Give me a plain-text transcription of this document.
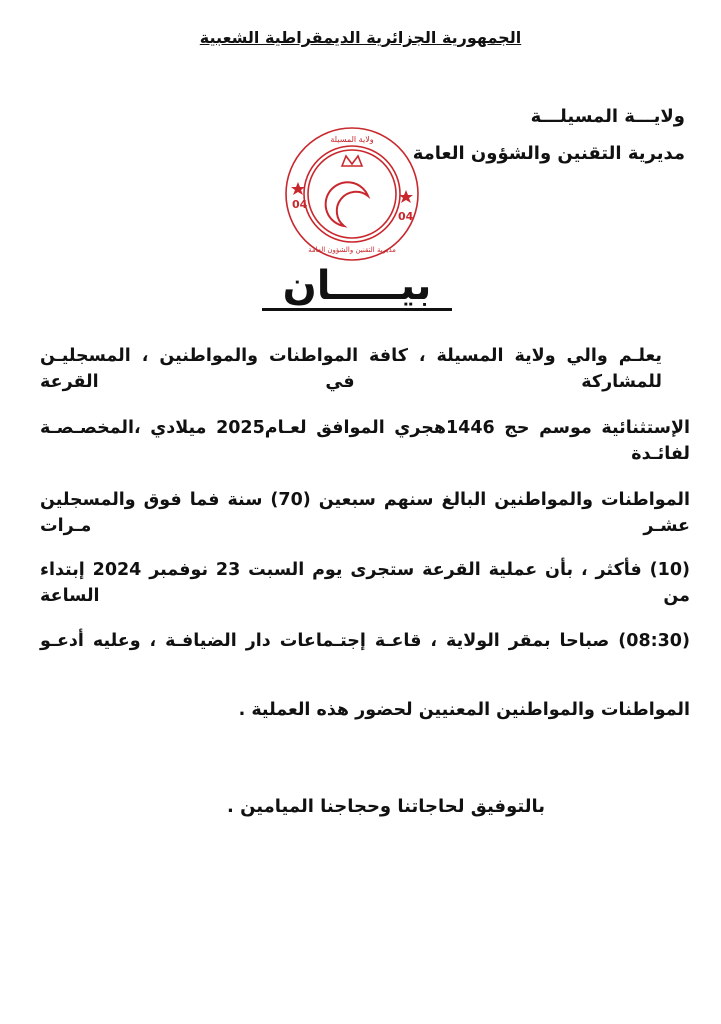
الجمهورية الجزائرية الديمقراطية الشعبية
ولايـــة المسيلـــة
مديرية التقنين والشؤون العامة
04
04
ولاية المسيلة
مديرية التقنين والشؤون العامة
بيـــــان
يعلـم والي ولاية المسيلة ، كافة المواطنات والمواطنين ، المسجليـن للمشاركة في القرعة
الإستثنائية موسم حج 1446هجري الموافق لعـام2025 ميلادي ،المخصـصـة لفائـدة
المواطنات والمواطنين البالغ سنهم سبعين (70) سنة فما فوق والمسجلين عشـر مـرات
(10) فأكثر ، بأن عملية القرعة ستجرى يوم السبت 23 نوفمبر 2024 إبتداء من الساعة
(08:30) صباحا بمقر الولاية ، قاعـة إجتـماعات دار الضيافـة ، وعليه أدعـو
المواطنات والمواطنين المعنيين لحضور هذه العملية .
بالتوفيق لحاجاتنا وحجاجنا الميامين .
